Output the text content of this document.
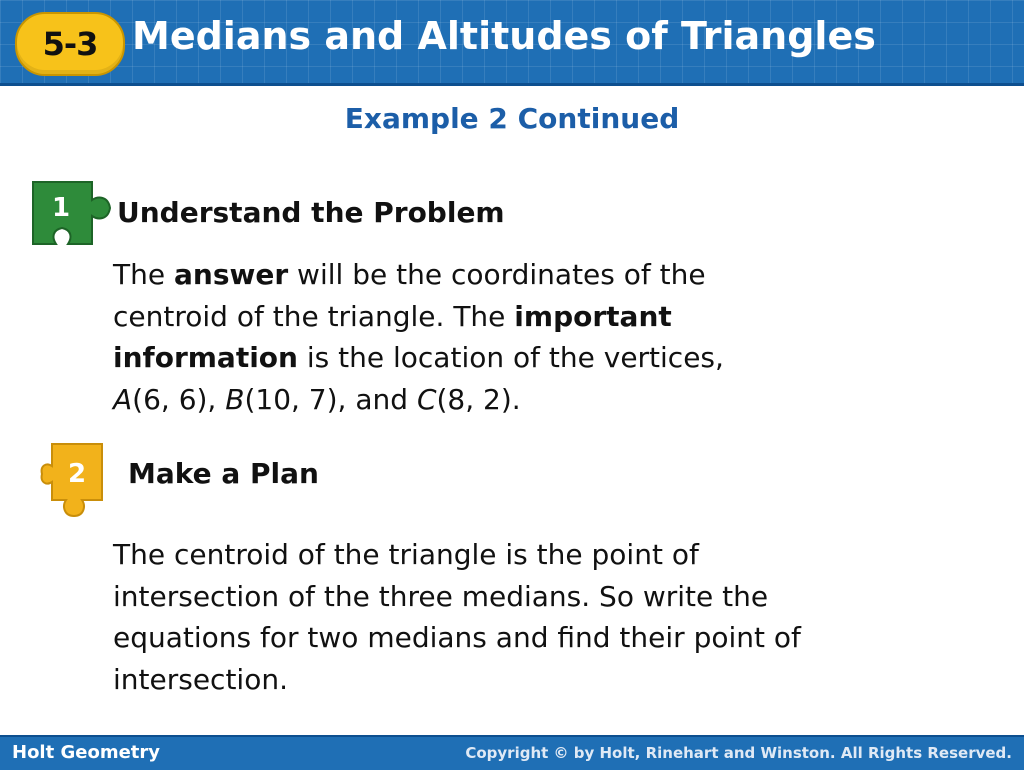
5-3 Medians and Altitudes of Triangles
Example 2 Continued
1 Understand the Problem
The answer will be the coordinates of the
centroid of the triangle. The important
information is the location of the vertices,
A(6, 6), B(10, 7), and C(8, 2).
2 Make a Plan
The centroid of the triangle is the point of
intersection of the three medians. So write the
equations for two medians and find their point of
intersection.
Holt Geometry	Copyright © by Holt, Rinehart and Winston. All Rights Reserved.
